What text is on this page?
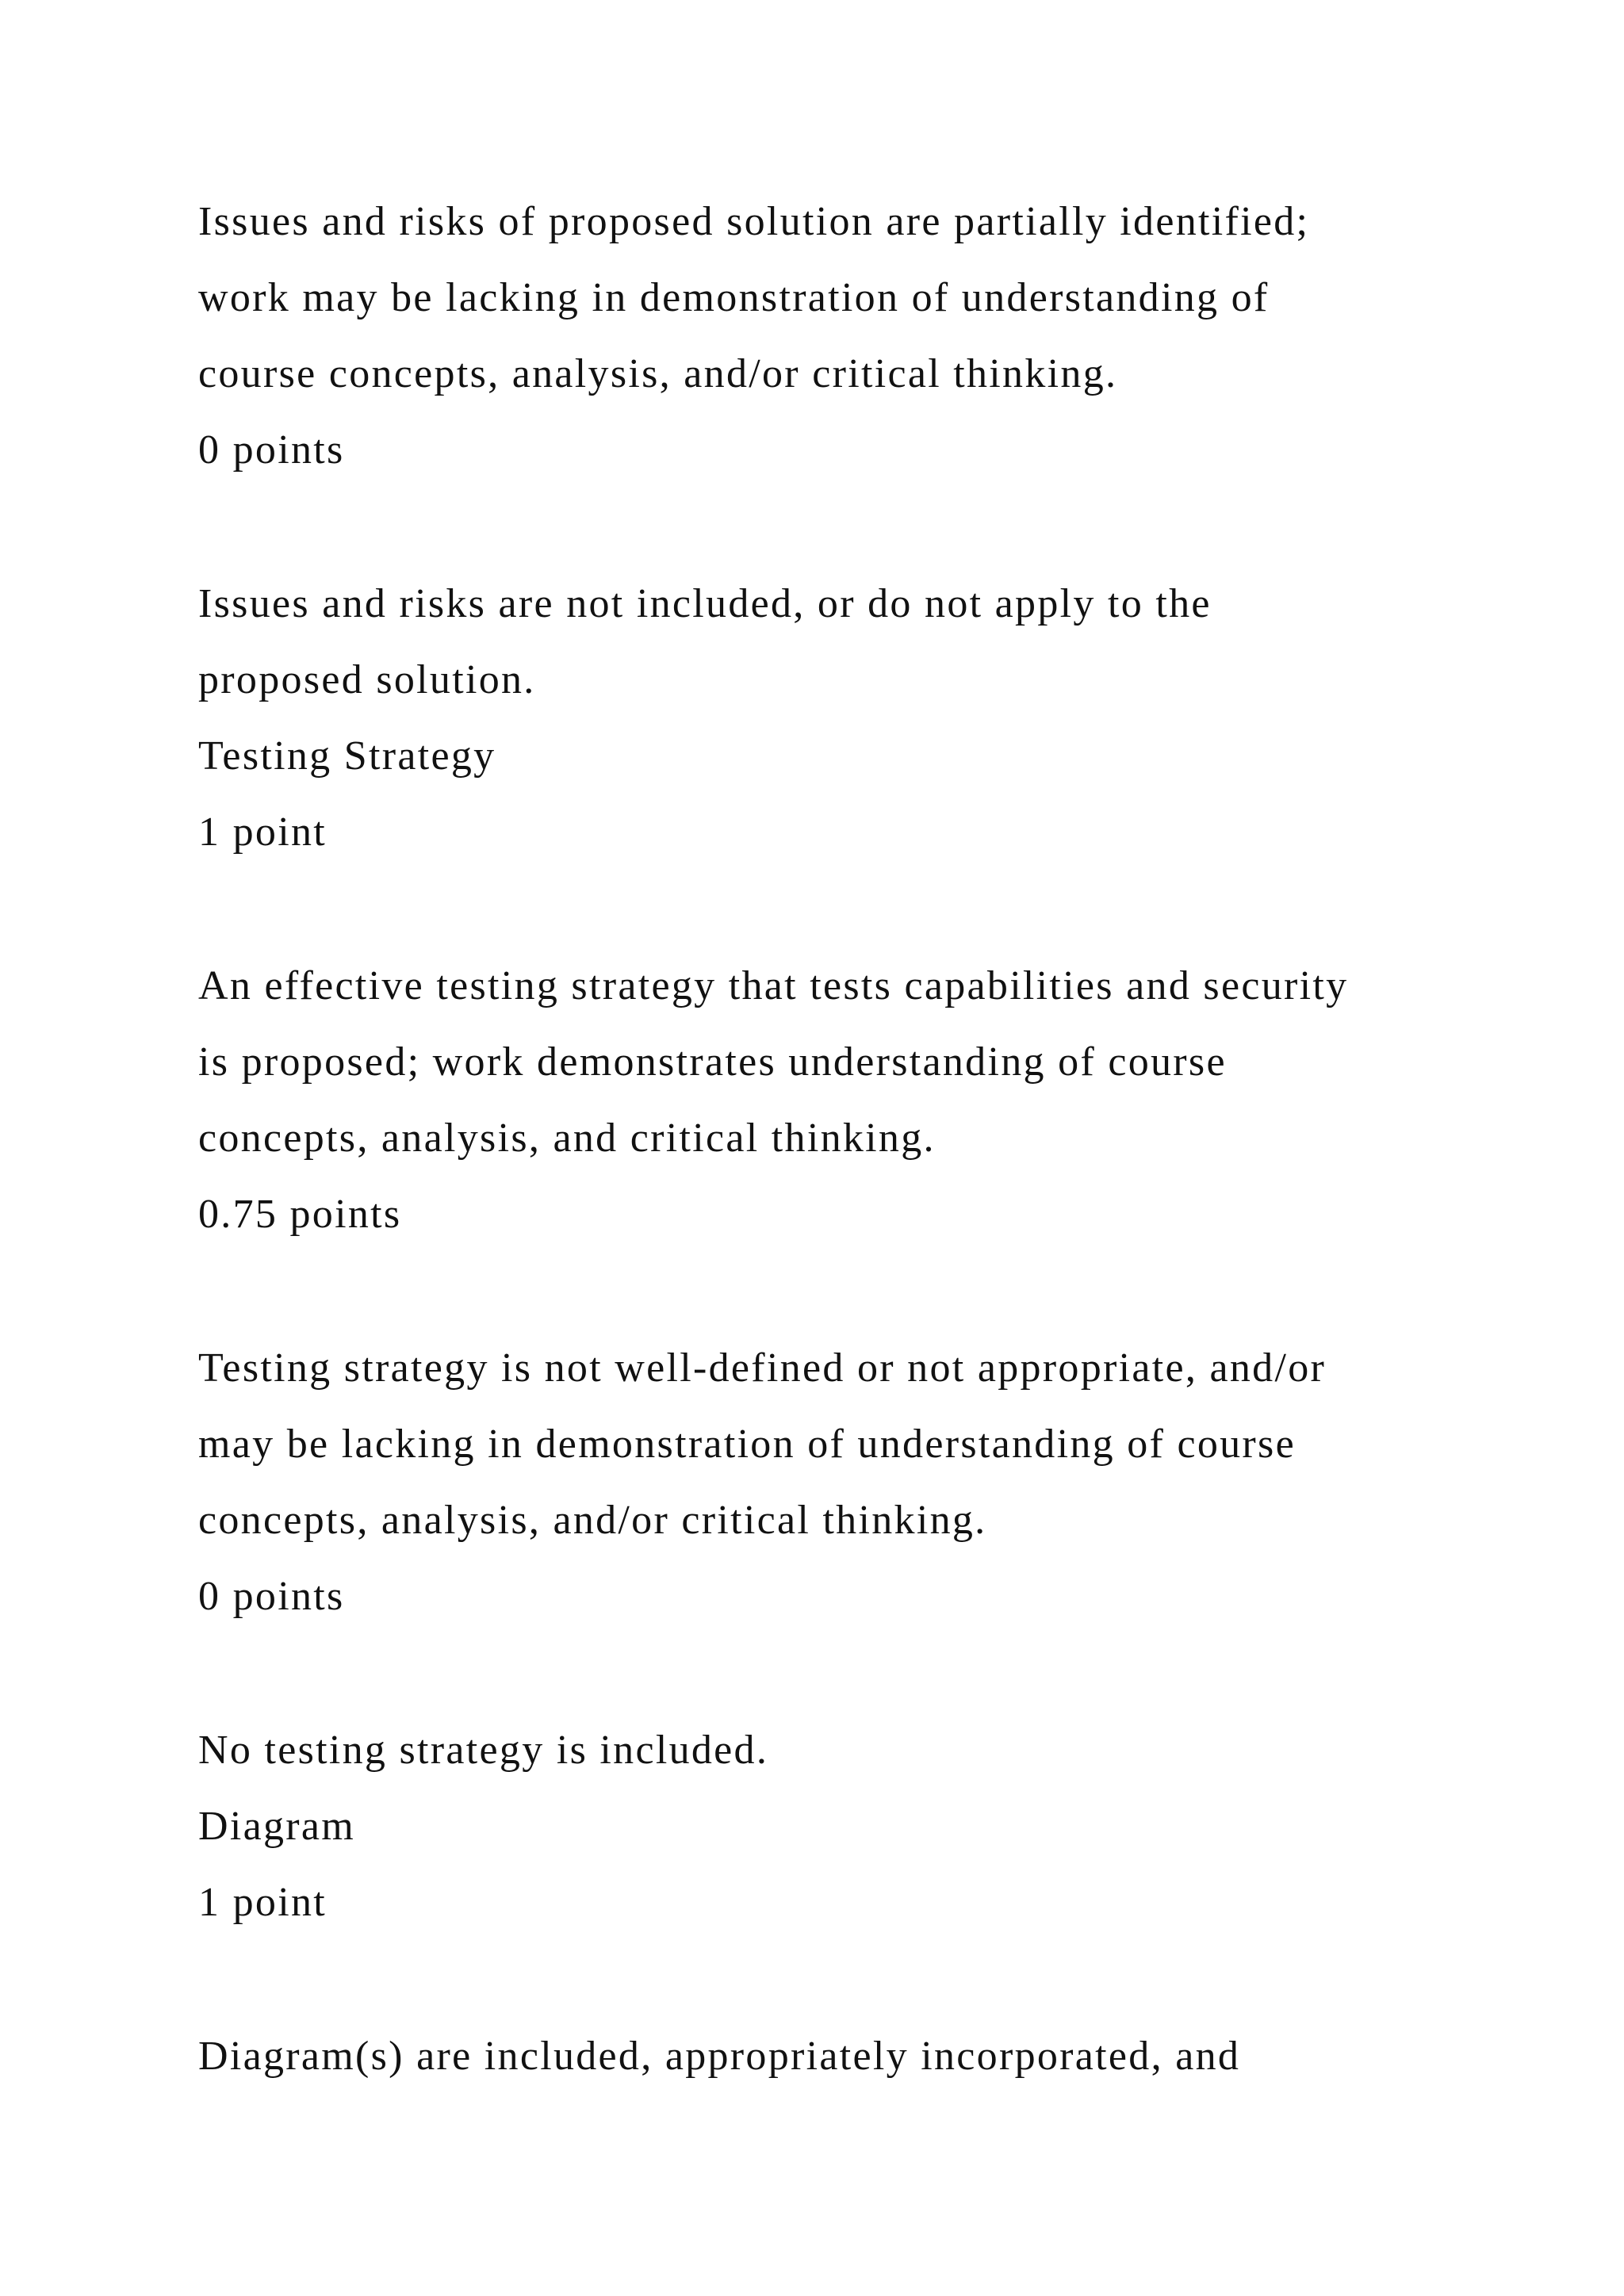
Issues and risks of proposed solution are partially identified;

work may be lacking in demonstration of understanding of

course concepts, analysis, and/or critical thinking.

0 points

Issues and risks are not included, or do not apply to the

proposed solution.

Testing Strategy

1 point

An effective testing strategy that tests capabilities and security

is proposed; work demonstrates understanding of course

concepts, analysis, and critical thinking.

0.75 points

Testing strategy is not well-defined or not appropriate, and/or

may be lacking in demonstration of understanding of course

concepts, analysis, and/or critical thinking.

0 points

No testing strategy is included.

Diagram

1 point

Diagram(s) are included, appropriately incorporated, and
